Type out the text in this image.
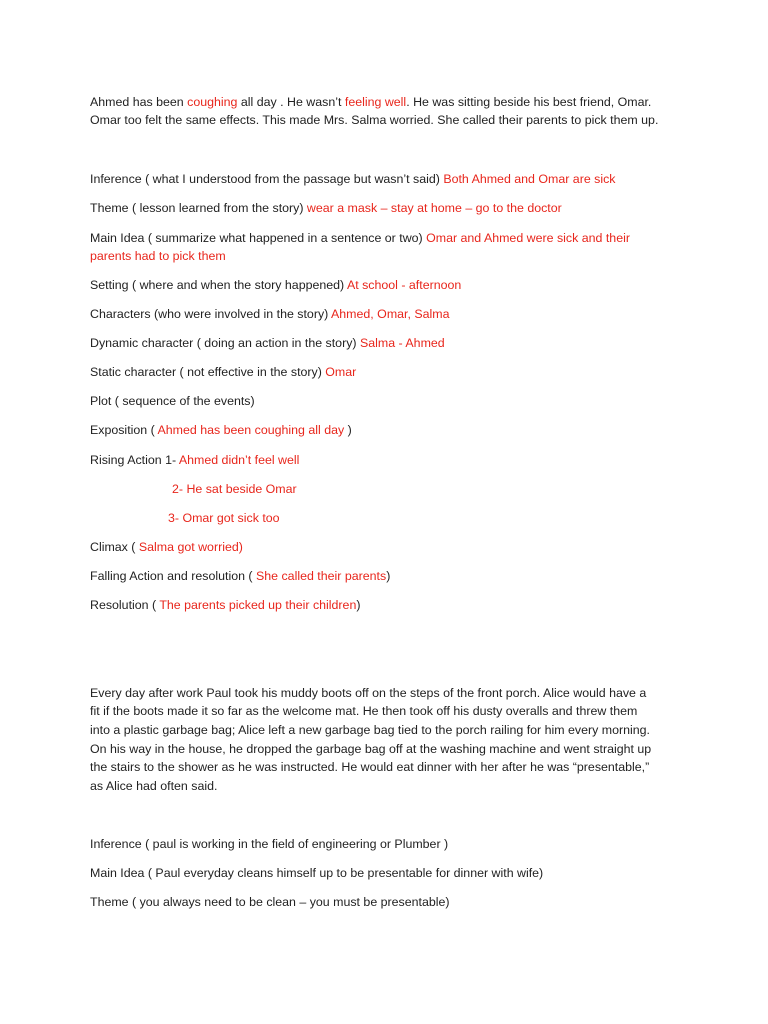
Ahmed has been coughing all day . He wasn’t feeling well. He was sitting beside his best friend, Omar.
Omar too felt the same effects. This made Mrs. Salma worried. She called their parents to pick them up.
Inference ( what I understood from the passage but wasn’t said) Both Ahmed and Omar are sick
Theme ( lesson learned from the story) wear a mask – stay at home – go to the doctor
Main Idea ( summarize what happened in a sentence or two) Omar and Ahmed were sick and their
parents had to pick them
Setting ( where and when the story happened) At school - afternoon
Characters (who were involved in the story) Ahmed, Omar, Salma
Dynamic character ( doing an action in the story) Salma - Ahmed
Static character ( not effective in the story) Omar
Plot ( sequence of the events)
Exposition ( Ahmed has been coughing all day )
Rising Action 1- Ahmed didn’t feel well
2- He sat beside Omar
3- Omar got sick too
Climax ( Salma got worried)
Falling Action and resolution ( She called their parents)
Resolution ( The parents picked up their children)
Every day after work Paul took his muddy boots off on the steps of the front porch. Alice would have a
fit if the boots made it so far as the welcome mat. He then took off his dusty overalls and threw them
into a plastic garbage bag; Alice left a new garbage bag tied to the porch railing for him every morning.
On his way in the house, he dropped the garbage bag off at the washing machine and went straight up
the stairs to the shower as he was instructed. He would eat dinner with her after he was “presentable,”
as Alice had often said.
Inference ( paul is working in the field of engineering or Plumber )
Main Idea ( Paul everyday cleans himself up to be presentable for dinner with wife)
Theme ( you always need to be clean – you must be presentable)
